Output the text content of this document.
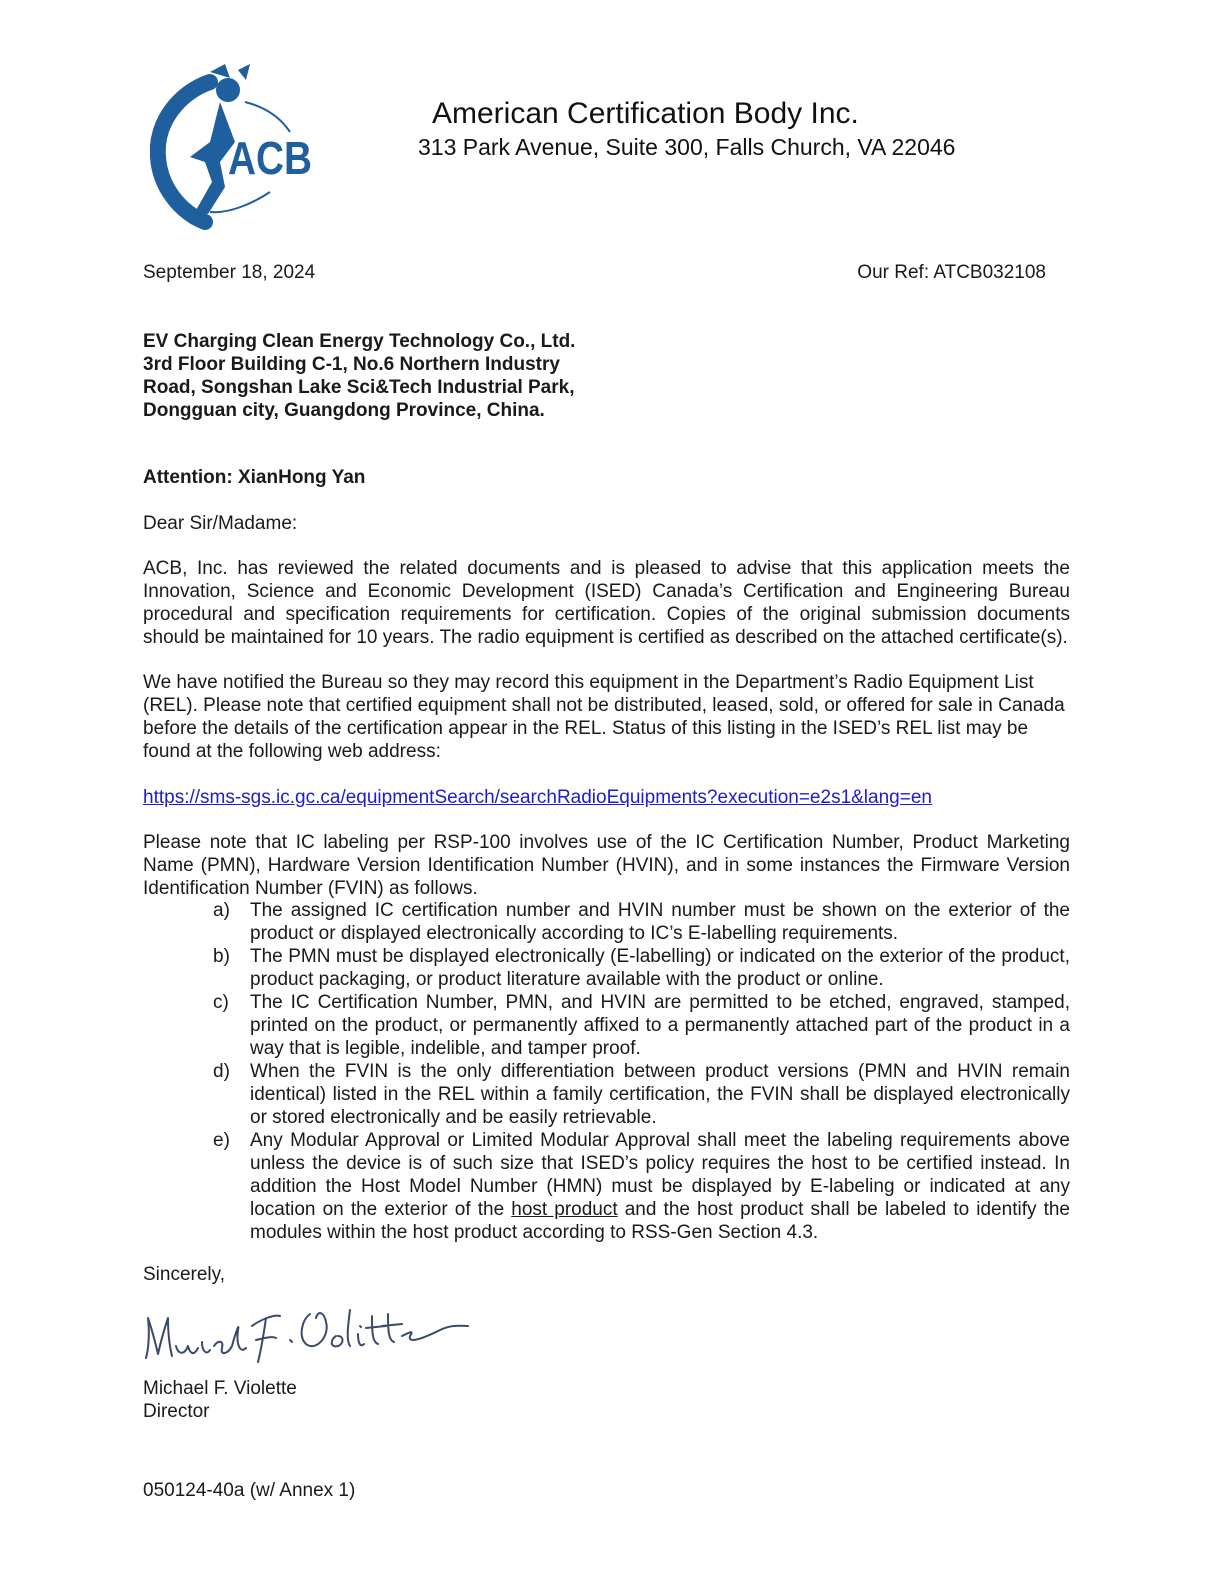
ACB
American Certification Body Inc.
313 Park Avenue, Suite 300, Falls Church, VA 22046
September 18, 2024	Our Ref: ATCB032108
EV Charging Clean Energy Technology Co., Ltd.
3rd Floor Building C-1, No.6 Northern Industry
Road, Songshan Lake Sci&Tech Industrial Park,
Dongguan city, Guangdong Province, China.
Attention: XianHong Yan
Dear Sir/Madame:
ACB, Inc. has reviewed the related documents and is pleased to advise that this application meets the Innovation, Science and Economic Development (ISED) Canada’s Certification and Engineering Bureau procedural and specification requirements for certification. Copies of the original submission documents should be maintained for 10 years. The radio equipment is certified as described on the attached certificate(s).
We have notified the Bureau so they may record this equipment in the Department’s Radio Equipment List (REL). Please note that certified equipment shall not be distributed, leased, sold, or offered for sale in Canada before the details of the certification appear in the REL. Status of this listing in the ISED’s REL list may be found at the following web address:
https://sms-sgs.ic.gc.ca/equipmentSearch/searchRadioEquipments?execution=e2s1&lang=en
Please note that IC labeling per RSP-100 involves use of the IC Certification Number, Product Marketing Name (PMN), Hardware Version Identification Number (HVIN), and in some instances the Firmware Version Identification Number (FVIN) as follows.
a) The assigned IC certification number and HVIN number must be shown on the exterior of the product or displayed electronically according to IC’s E-labelling requirements.
b) The PMN must be displayed electronically (E-labelling) or indicated on the exterior of the product, product packaging, or product literature available with the product or online.
c) The IC Certification Number, PMN, and HVIN are permitted to be etched, engraved, stamped, printed on the product, or permanently affixed to a permanently attached part of the product in a way that is legible, indelible, and tamper proof.
d) When the FVIN is the only differentiation between product versions (PMN and HVIN remain identical) listed in the REL within a family certification, the FVIN shall be displayed electronically or stored electronically and be easily retrievable.
e) Any Modular Approval or Limited Modular Approval shall meet the labeling requirements above unless the device is of such size that ISED’s policy requires the host to be certified instead. In addition the Host Model Number (HMN) must be displayed by E-labeling or indicated at any location on the exterior of the host product and the host product shall be labeled to identify the modules within the host product according to RSS-Gen Section 4.3.
Sincerely,
Michael F. Violette
Director
050124-40a (w/ Annex 1)
